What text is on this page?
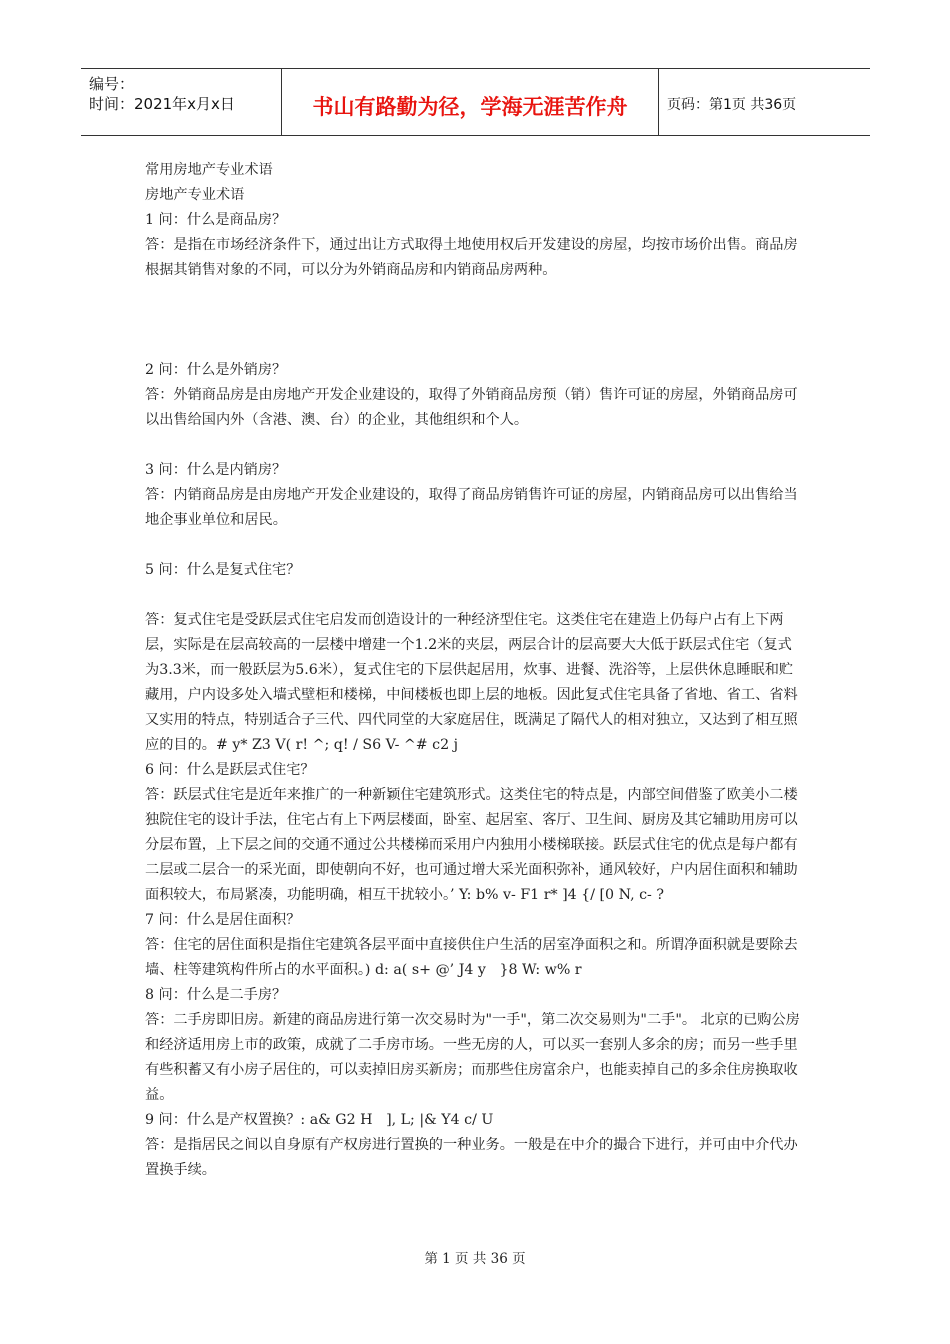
编号：
时间：2021年x月x日	书山有路勤为径，学海无涯苦作舟	页码：第1页 共36页

常用房地产专业术语

房地产专业术语

1 问：什么是商品房？

答：是指在市场经济条件下，通过出让方式取得土地使用权后开发建设的房屋，均按市场价出售。商品房根据其销售对象的不同，可以分为外销商品房和内销商品房两种。

2 问：什么是外销房？

答：外销商品房是由房地产开发企业建设的，取得了外销商品房预（销）售许可证的房屋，外销商品房可以出售给国内外（含港、澳、台）的企业，其他组织和个人。

3 问：什么是内销房？

答：内销商品房是由房地产开发企业建设的，取得了商品房销售许可证的房屋，内销商品房可以出售给当地企事业单位和居民。

5 问：什么是复式住宅？

答：复式住宅是受跃层式住宅启发而创造设计的一种经济型住宅。这类住宅在建造上仍每户占有上下两层，实际是在层高较高的一层楼中增建一个1.2米的夹层，两层合计的层高要大大低于跃层式住宅（复式为3.3米，而一般跃层为5.6米），复式住宅的下层供起居用，炊事、进餐、洗浴等，上层供休息睡眠和贮藏用，户内设多处入墙式壁柜和楼梯，中间楼板也即上层的地板。因此复式住宅具备了省地、省工、省料又实用的特点，特别适合子三代、四代同堂的大家庭居住，既满足了隔代人的相对独立，又达到了相互照应的目的。# y* Z3 V( r! ^; q! / S6 V- ^# c2 j

6 问：什么是跃层式住宅？

答：跃层式住宅是近年来推广的一种新颖住宅建筑形式。这类住宅的特点是，内部空间借鉴了欧美小二楼独院住宅的设计手法，住宅占有上下两层楼面，卧室、起居室、客厅、卫生间、厨房及其它辅助用房可以分层布置，上下层之间的交通不通过公共楼梯而采用户内独用小楼梯联接。跃层式住宅的优点是每户都有二层或二层合一的采光面，即使朝向不好，也可通过增大采光面积弥补，通风较好，户内居住面积和辅助面积较大，布局紧凑，功能明确，相互干扰较小。’ Y: b% v- F1 r* ]4 {/ [0 N, c- ?

7 问：什么是居住面积？

答：住宅的居住面积是指住宅建筑各层平面中直接供住户生活的居室净面积之和。所谓净面积就是要除去墙、柱等建筑构件所占的水平面积。) d: a( s+ @’ J4 y   }8 W: w% r

8 问：什么是二手房？

答：二手房即旧房。新建的商品房进行第一次交易时为"一手"，第二次交易则为"二手"。 北京的已购公房和经济适用房上市的政策，成就了二手房市场。一些无房的人，可以买一套别人多余的房；而另一些手里有些积蓄又有小房子居住的，可以卖掉旧房买新房；而那些住房富余户，也能卖掉自己的多余住房换取收益。

9 问：什么是产权置换？: a& G2 H   ], L; |& Y4 c/ U

答：是指居民之间以自身原有产权房进行置换的一种业务。一般是在中介的撮合下进行，并可由中介代办置换手续。

第 1 页 共 36 页
